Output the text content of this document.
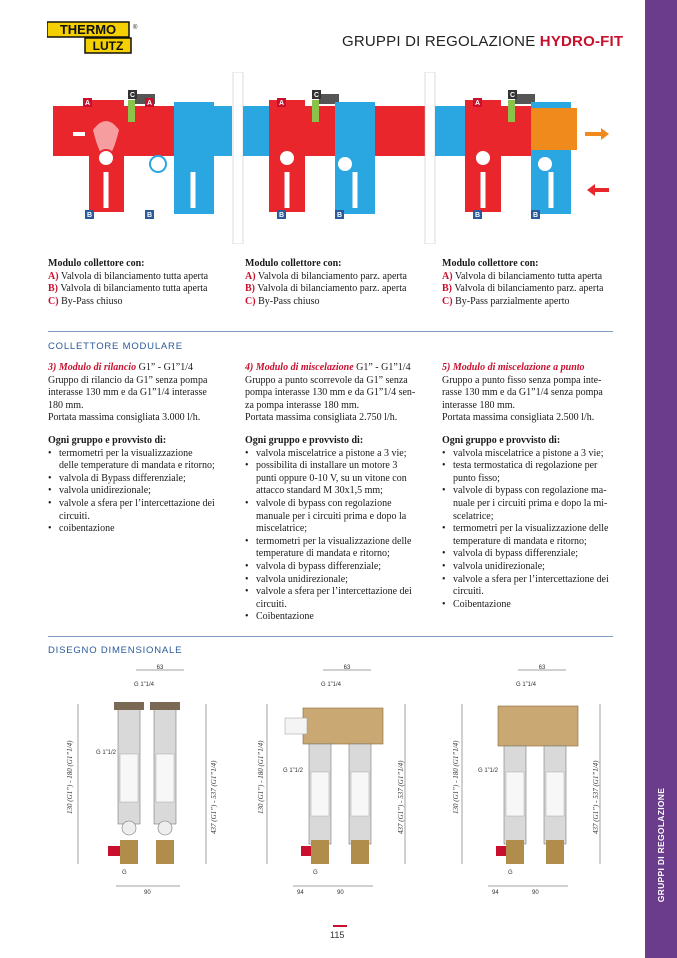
THERMO
LUTZ
®
GRUPPI DI REGOLAZIONE HYDRO-FIT
GRUPPI DI REGOLAZIONE
A
C
B
A
B
A
C
B	B
A
C
B	B

Modulo collettore con:

A) Valvola di bilanciamento tutta aperta

B) Valvola di bilanciamento tutta aperta

C) By-Pass chiuso

Modulo collettore con:

A) Valvola di bilanciamento parz. aperta

B) Valvola di bilanciamento parz. aperta

C) By-Pass chiuso

Modulo collettore con:

A) Valvola di bilanciamento tutta aperta

B) Valvola di bilanciamento parz. aperta

C) By-Pass parzialmente aperto

COLLETTORE MODULARE

3) Modulo di rilancio G1” - G1”1/4

Gruppo di rilancio da G1” senza pompa

interasse 130 mm e da G1”1/4 interasse

180 mm.

Portata massima consigliata 3.000 l/h.

Ogni gruppo e provvisto di:

• termometri per la visualizzazione
delle temperature di mandata e ritorno;
• valvola di Bypass differenziale;
• valvola unidirezionale;
• valvole a sfera per l’intercettazione dei
circuiti.
• coibentazione

4) Modulo di miscelazione G1” - G1”1/4

Gruppo a punto scorrevole da G1” senza

pompa interasse 130 mm e da G1”1/4 sen-

za pompa interasse 180 mm.

Portata massima consigliata 2.750 l/h.

Ogni gruppo e provvisto di:

• valvola miscelatrice a pistone a 3 vie;
• possibilita di installare un motore 3
punti oppure 0-10 V, su un vitone con
attacco standard M 30x1,5 mm;
• valvole di bypass con regolazione
manuale per i circuiti prima e dopo la
miscelatrice;
• termometri per la visualizzazione delle
temperature di mandata e ritorno;
• valvola di bypass differenziale;
• valvola unidirezionale;
• valvole a sfera per l’intercettazione dei
circuiti.
• Coibentazione

5) Modulo di miscelazione a punto

Gruppo a punto fisso senza pompa inte-

rasse 130 mm e da G1”1/4 senza pompa

interasse 180 mm.

Portata massima consigliata 2.500 l/h.

Ogni gruppo e provvisto di:

• valvola miscelatrice a pistone a 3 vie;
• testa termostatica di regolazione per
punto fisso;
• valvole di bypass con regolazione ma-
nuale per i circuiti prima e dopo la mi-
scelatrice;
• termometri per la visualizzazione delle
temperature di mandata e ritorno;
• valvola di bypass differenziale;
• valvola unidirezionale;
• valvole a sfera per l’intercettazione dei
circuiti.
• Coibentazione
DISEGNO DIMENSIONALE
63
G 1”1/4
G 1”1/2
130 (G1”) - 180 (G1”1/4)	437 (G1”) - 537 (G1”1/4)
G
90
63
G 1”1/4
G 1”1/2
130 (G1”) - 180 (G1”1/4)	437 (G1”) - 537 (G1”1/4)
G
94	90
63
G 1”1/4
G 1”1/2
130 (G1”) - 180 (G1”1/4)	437 (G1”) - 537 (G1”1/4)
G
94	90
115
